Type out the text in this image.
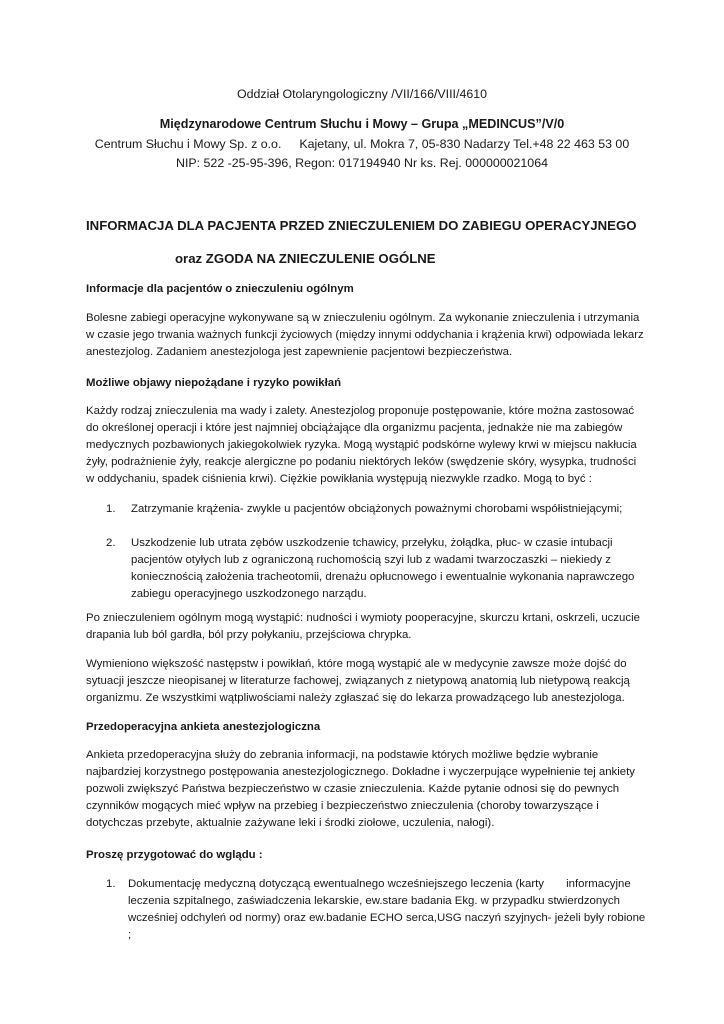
Oddział Otolaryngologiczny /VII/166/VIII/4610
Międzynarodowe Centrum Słuchu i Mowy – Grupa „MEDINCUS”/V/0
Centrum Słuchu i Mowy Sp. z o.o. Kajetany, ul. Mokra 7, 05-830 Nadarzy Tel.+48 22 463 53 00
NIP: 522 -25-95-396, Regon: 017194940 Nr ks. Rej. 000000021064
INFORMACJA DLA PACJENTA PRZED ZNIECZULENIEM DO ZABIEGU OPERACYJNEGO
oraz ZGODA NA ZNIECZULENIE OGÓLNE
Informacje dla pacjentów o znieczuleniu ogólnym

Bolesne zabiegi operacyjne wykonywane są w znieczuleniu ogólnym. Za wykonanie znieczulenia i utrzymania w czasie jego trwania ważnych funkcji życiowych (między innymi oddychania i krążenia krwi) odpowiada lekarz anestezjolog. Zadaniem anestezjologa jest zapewnienie pacjentowi bezpieczeństwa.

Możliwe objawy niepożądane i ryzyko powikłań

Każdy rodzaj znieczulenia ma wady i zalety. Anestezjolog proponuje postępowanie, które można zastosować do określonej operacji i które jest najmniej obciążające dla organizmu pacjenta, jednakże nie ma zabiegów medycznych pozbawionych jakiegokolwiek ryzyka. Mogą wystąpić podskórne wylewy krwi w miejscu nakłucia żyły, podrażnienie żyły, reakcje alergiczne po podaniu niektórych leków (swędzenie skóry, wysypka, trudności w oddychaniu, spadek ciśnienia krwi). Ciężkie powikłania występują niezwykle rzadko. Mogą to być :

1. Zatrzymanie krążenia- zwykle u pacjentów obciążonych poważnymi chorobami współistniejącymi;
2. Uszkodzenie lub utrata zębów uszkodzenie tchawicy, przełyku, żołądka, płuc- w czasie intubacji pacjentów otyłych lub z ograniczoną ruchomością szyi lub z wadami twarzoczaszki – niekiedy z koniecznością założenia tracheotomii, drenażu opłucnowego i ewentualnie wykonania naprawczego zabiegu operacyjnego uszkodzonego narządu.

Po znieczuleniem ogólnym mogą wystąpić: nudności i wymioty pooperacyjne, skurczu krtani, oskrzeli, uczucie drapania lub ból gardła, ból przy połykaniu, przejściowa chrypka.

Wymieniono większość następstw i powikłań, które mogą wystąpić ale w medycynie zawsze może dojść do sytuacji jeszcze nieopisanej w literaturze fachowej, związanych z nietypową anatomią lub nietypową reakcją organizmu. Ze wszystkimi wątpliwościami należy zgłaszać się do lekarza prowadzącego lub anestezjologa.

Przedoperacyjna ankieta anestezjologiczna

Ankieta przedoperacyjna służy do zebrania informacji, na podstawie których możliwe będzie wybranie najbardziej korzystnego postępowania anestezjologicznego. Dokładne i wyczerpujące wypełnienie tej ankiety pozwoli zwiększyć Państwa bezpieczeństwo w czasie znieczulenia. Każde pytanie odnosi się do pewnych czynników mogących mieć wpływ na przebieg i bezpieczeństwo znieczulenia (choroby towarzyszące i dotychczas przebyte, aktualnie zażywane leki i środki ziołowe, uczulenia, nałogi).

Proszę przygotować do wglądu :
1.	Dokumentację medyczną dotyczącą ewentualnego wcześniejszego leczenia (karty       informacyjne leczenia szpitalnego, zaświadczenia lekarskie, ew.stare badania Ekg. w przypadku stwierdzonych wcześniej odchyleń od normy) oraz ew.badanie ECHO serca,USG naczyń szyjnych- jeżeli były robione ;
